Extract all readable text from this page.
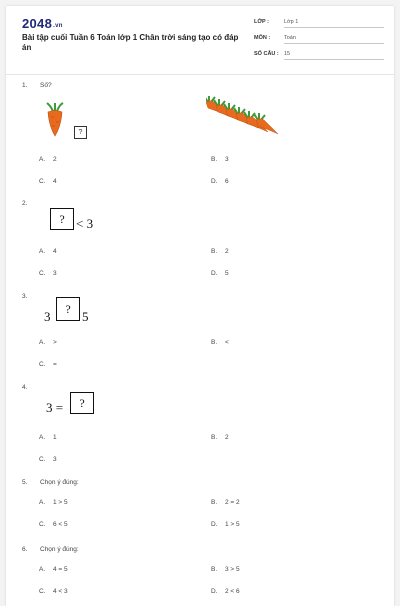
2048.vn
Bài tập cuối Tuần 6 Toán lớp 1 Chân trời sáng tạo có đáp án
LỚP :	Lớp 1
MÔN :	Toán
SỐ CÂU : 15
1. Số?
?
A. 2	B. 3
C. 4	D. 6
2.
? < 3
A. 4	B. 2
C. 3	D. 5
3.
3
?
5
A. >	B. <
C. =
4.
3 =	?
A. 1	B. 2
C. 3
5. Chọn ý đúng:
A. 1 > 5	B. 2 = 2
C. 6 < 5	D. 1 > 5
6. Chọn ý đúng:
A. 4 = 5	B. 3 > 5
C. 4 < 3	D. 2 < 6
